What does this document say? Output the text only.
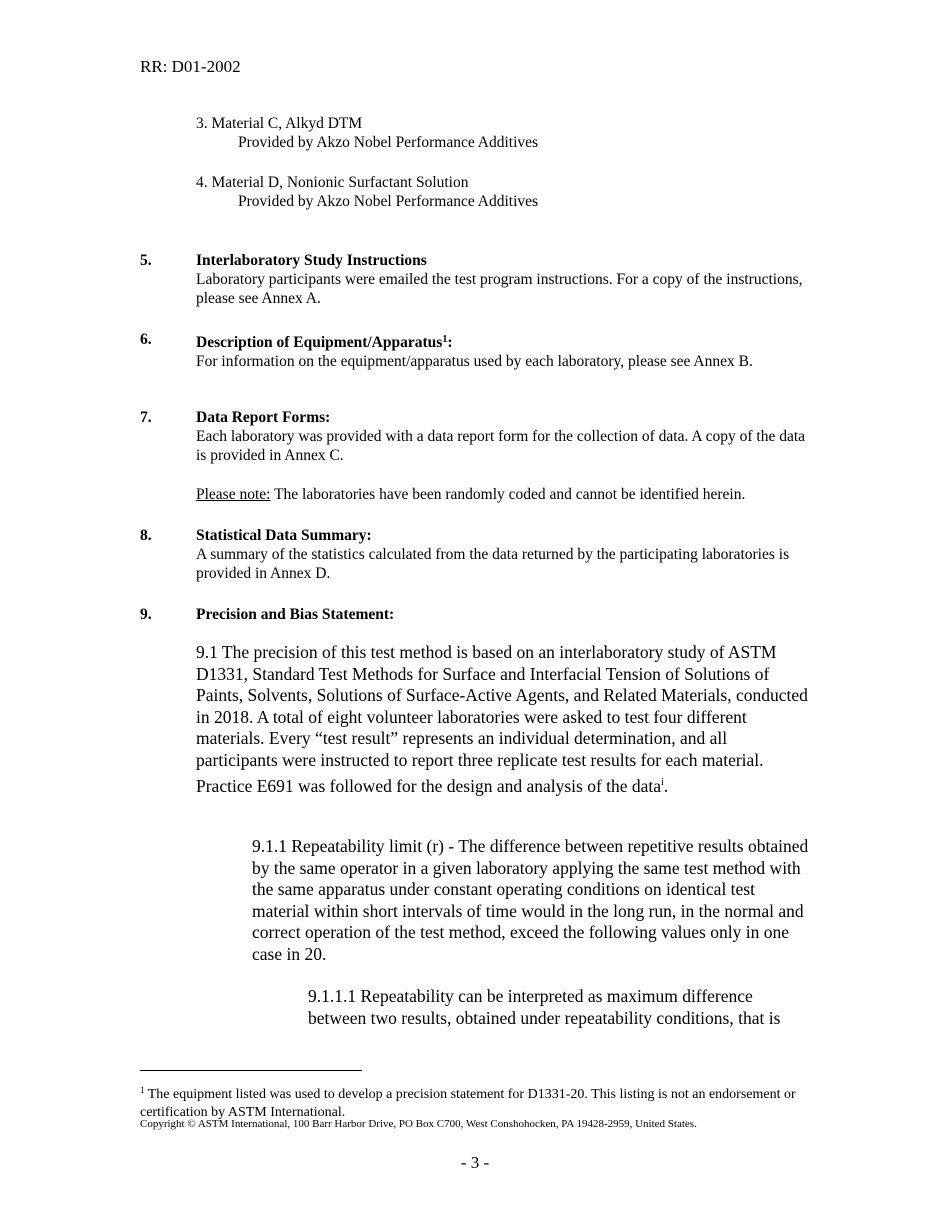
RR: D01-2002
3. Material C, Alkyd DTM
Provided by Akzo Nobel Performance Additives
4. Material D, Nonionic Surfactant Solution
Provided by Akzo Nobel Performance Additives
5.	Interlaboratory Study Instructions
Laboratory participants were emailed the test program instructions. For a copy of the instructions, please see Annex A.
6.	Description of Equipment/Apparatus$^1$:
For information on the equipment/apparatus used by each laboratory, please see Annex B.
7.	Data Report Forms:
Each laboratory was provided with a data report form for the collection of data. A copy of the data is provided in Annex C.
Please note: The laboratories have been randomly coded and cannot be identified herein.
8.	Statistical Data Summary:
A summary of the statistics calculated from the data returned by the participating laboratories is provided in Annex D.
9.	Precision and Bias Statement:
9.1 The precision of this test method is based on an interlaboratory study of ASTM D1331, Standard Test Methods for Surface and Interfacial Tension of Solutions of Paints, Solvents, Solutions of Surface-Active Agents, and Related Materials, conducted in 2018. A total of eight volunteer laboratories were asked to test four different materials. Every “test result” represents an individual determination, and all participants were instructed to report three replicate test results for each material. Practice E691 was followed for the design and analysis of the data$^i$.
9.1.1 Repeatability limit (r) - The difference between repetitive results obtained by the same operator in a given laboratory applying the same test method with the same apparatus under constant operating conditions on identical test material within short intervals of time would in the long run, in the normal and correct operation of the test method, exceed the following values only in one case in 20.
9.1.1.1 Repeatability can be interpreted as maximum difference between two results, obtained under repeatability conditions, that is
$^1$ The equipment listed was used to develop a precision statement for D1331-20. This listing is not an endorsement or certification by ASTM International.
Copyright © ASTM International, 100 Barr Harbor Drive, PO Box C700, West Conshohocken, PA 19428-2959, United States.
- 3 -
